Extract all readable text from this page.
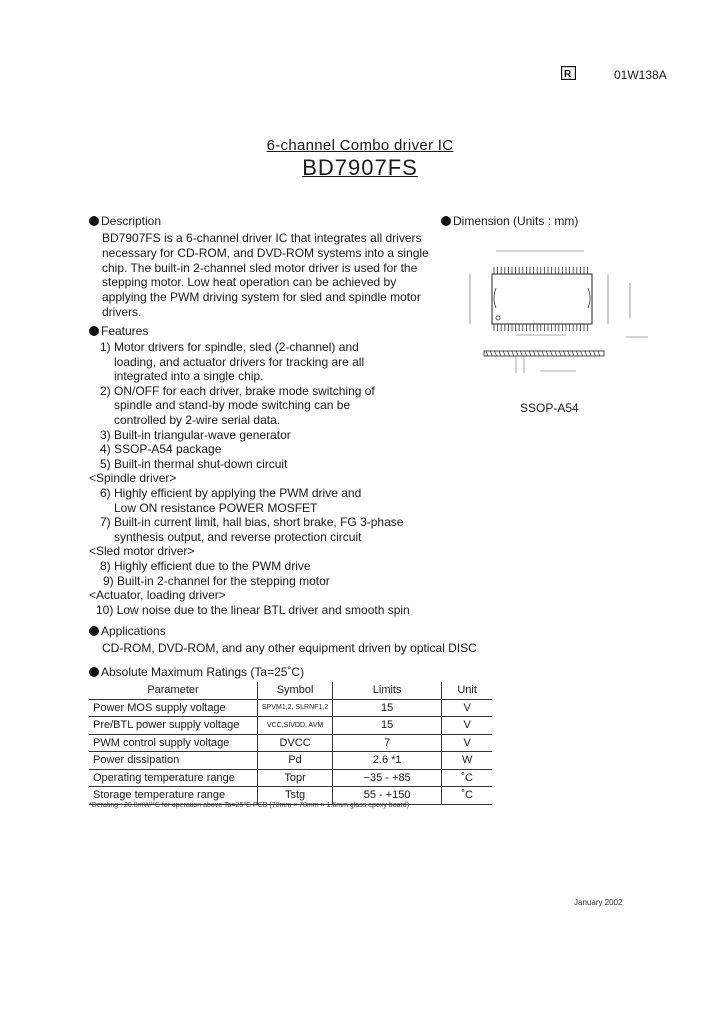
R	01W138A
6-channel Combo driver IC
BD7907FS
Description
BD7907FS is a 6-channel driver IC that integrates all drivers necessary for CD-ROM, and DVD-ROM systems into a single chip. The built-in 2-channel sled motor driver is used for the stepping motor. Low heat operation can be achieved by applying the PWM driving system for sled and spindle motor drivers.
Dimension (Units : mm)
SSOP-A54
Features
1) Motor drivers for spindle, sled (2-channel) and
loading, and actuator drivers for tracking are all
integrated into a single chip.
2) ON/OFF for each driver, brake mode switching of
spindle and stand-by mode switching can be
controlled by 2-wire serial data.
3) Built-in triangular-wave generator
4) SSOP-A54 package
5) Built-in thermal shut-down circuit
<Spindle driver>
6) Highly efficient by applying the PWM drive and
Low ON resistance POWER MOSFET
7) Built-in current limit, hall bias, short brake, FG 3-phase
synthesis output, and reverse protection circuit
<Sled motor driver>
8) Highly efficient due to the PWM drive
9) Built-in 2-channel for the stepping motor
<Actuator, loading driver>
10) Low noise due to the linear BTL driver and smooth spin
Applications
CD-ROM, DVD-ROM, and any other equipment driven by optical DISC
Absolute Maximum Ratings (Ta=25˚C)
Parameter	Symbol	Limits	Unit
Power MOS supply voltage	SPVM1,2, SLRNF1,2	15	V
Pre/BTL power supply voltage	VCC,SIVDD, AVM	15	V
PWM control supply voltage	DVCC	7	V
Power dissipation	Pd	2.6 *1	W
Operating temperature range	Topr	−35 - +85	˚C
Storage temperature range	Tstg	55 - +150	˚C
*Derating : 20.8mW/°C for operation above Ta=25°C PCB (70mm × 70mm × 1.6mm glass epoxy board)
January 2002
